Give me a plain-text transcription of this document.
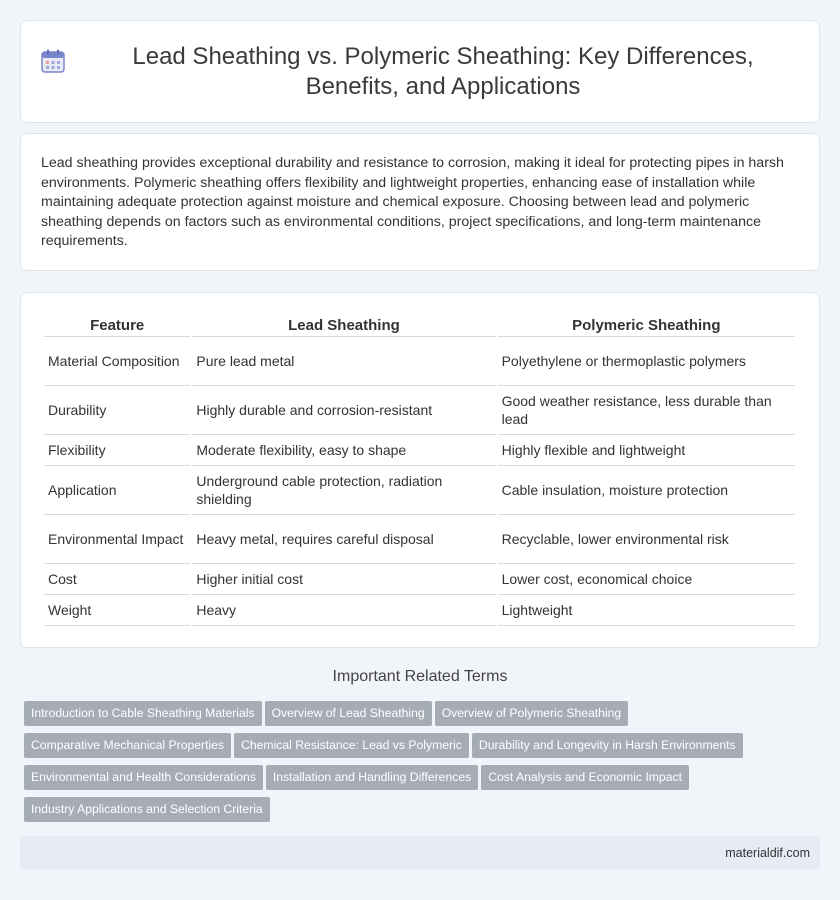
Lead Sheathing vs. Polymeric Sheathing: Key Differences, Benefits, and Applications

Lead sheathing provides exceptional durability and resistance to corrosion, making it ideal for protecting pipes in harsh environments. Polymeric sheathing offers flexibility and lightweight properties, enhancing ease of installation while maintaining adequate protection against moisture and chemical exposure. Choosing between lead and polymeric sheathing depends on factors such as environmental conditions, project specifications, and long-term maintenance requirements.

Feature	Lead Sheathing	Polymeric Sheathing
Material Composition	Pure lead metal	Polyethylene or thermoplastic polymers
Durability	Highly durable and corrosion-resistant	Good weather resistance, less durable than lead
Flexibility	Moderate flexibility, easy to shape	Highly flexible and lightweight
Application	Underground cable protection, radiation shielding	Cable insulation, moisture protection
Environmental Impact	Heavy metal, requires careful disposal	Recyclable, lower environmental risk
Cost	Higher initial cost	Lower cost, economical choice
Weight	Heavy	Lightweight
Important Related Terms
Introduction to Cable Sheathing Materials Overview of Lead Sheathing Overview of Polymeric Sheathing
Comparative Mechanical Properties Chemical Resistance: Lead vs Polymeric Durability and Longevity in Harsh Environments
Environmental and Health Considerations Installation and Handling Differences Cost Analysis and Economic Impact
Industry Applications and Selection Criteria
materialdif.com
